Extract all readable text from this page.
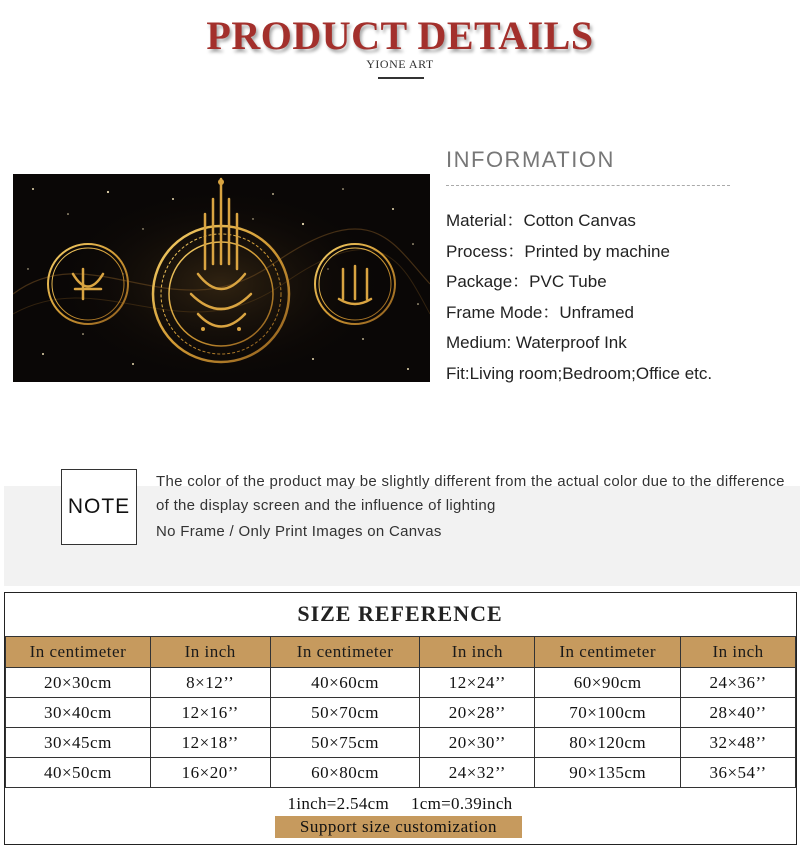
PRODUCT DETAILS
YIONE ART
INFORMATION
Material：Cotton Canvas
Process：Printed by machine
Package：PVC Tube
Frame Mode：Unframed
Medium: Waterproof Ink
Fit:Living room;Bedroom;Office etc.
NOTE
The color of the product may be slightly different from the actual color due to the difference of the display screen and the influence of lighting
No Frame / Only Print Images on Canvas
SIZE REFERENCE
In centimeter	In inch	In centimeter	In inch	In centimeter	In inch
20×30cm	8×12’’	40×60cm	12×24’’	60×90cm	24×36’’
30×40cm	12×16’’	50×70cm	20×28’’	70×100cm	28×40’’
30×45cm	12×18’’	50×75cm	20×30’’	80×120cm	32×48’’
40×50cm	16×20’’	60×80cm	24×32’’	90×135cm	36×54’’
1inch=2.54cm 1cm=0.39inch
Support size customization
